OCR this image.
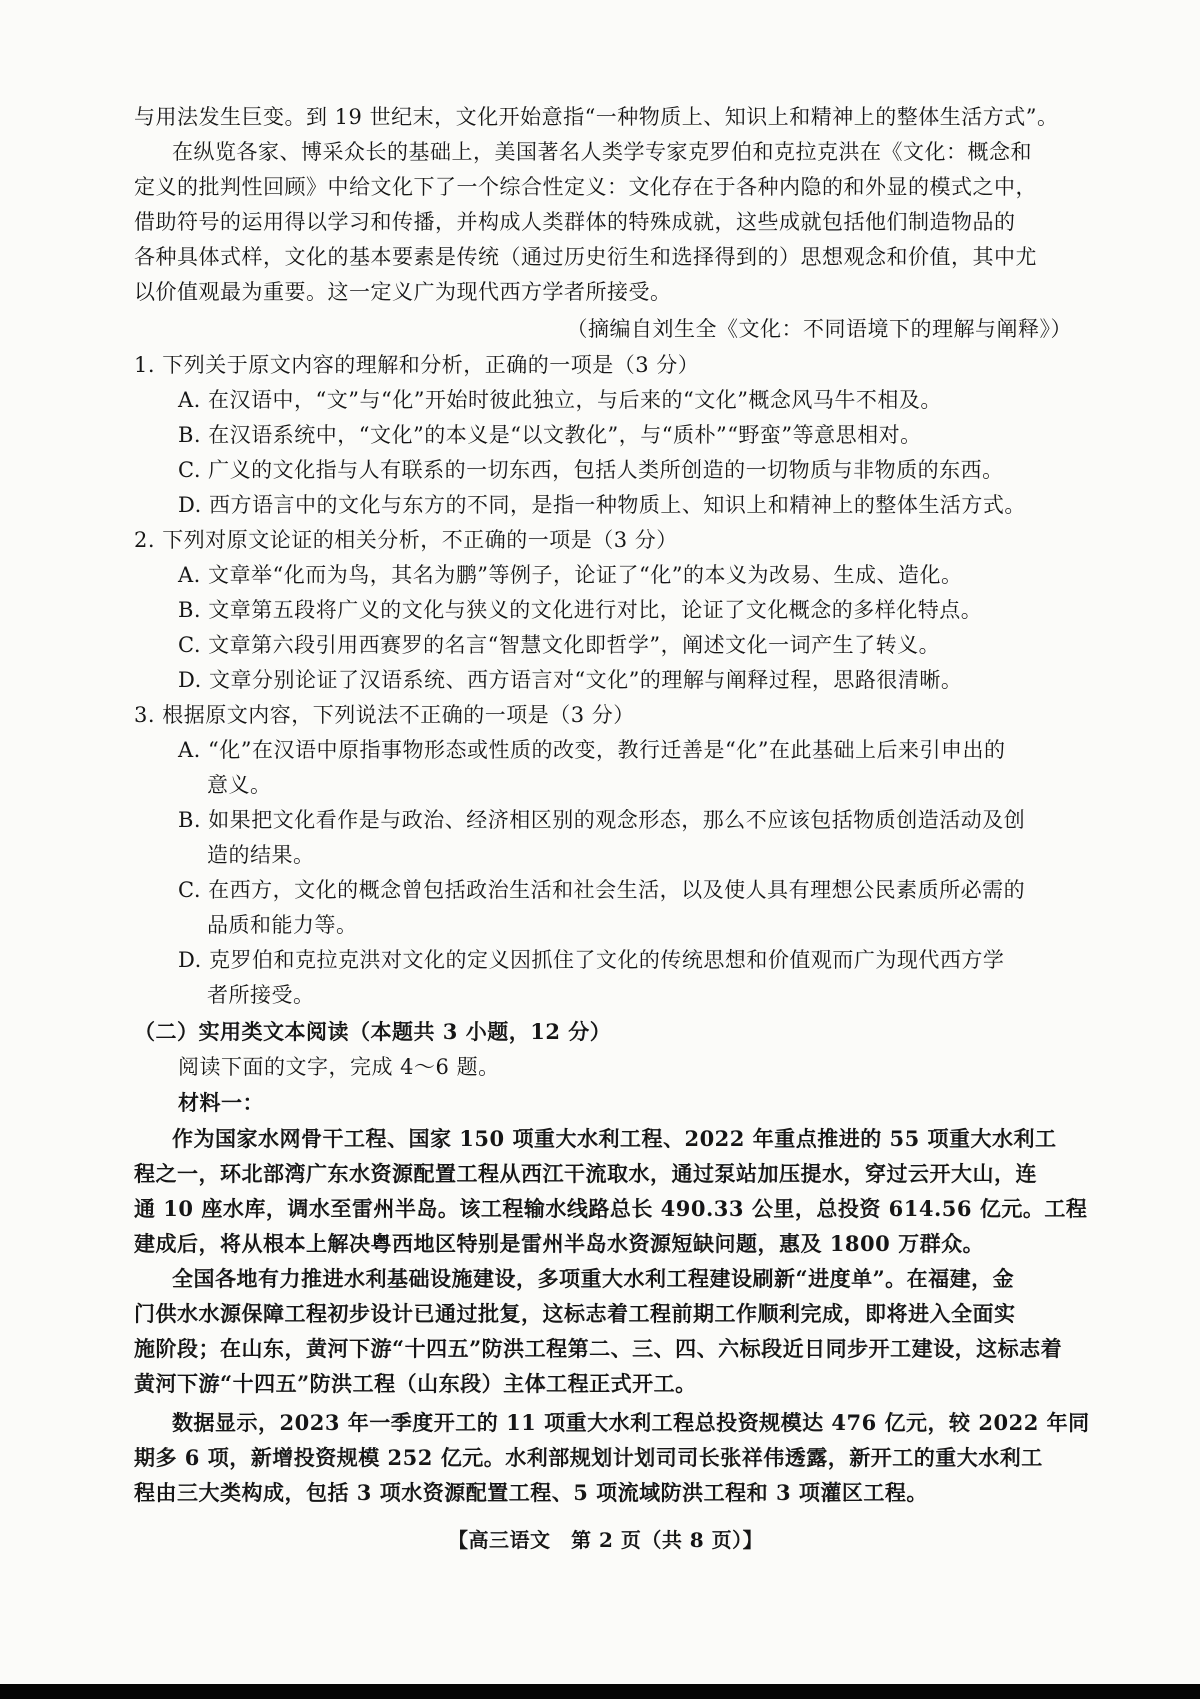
与用法发生巨变。到 19 世纪末，文化开始意指“一种物质上、知识上和精神上的整体生活方式”。
在纵览各家、博采众长的基础上，美国著名人类学专家克罗伯和克拉克洪在《文化：概念和
定义的批判性回顾》中给文化下了一个综合性定义：文化存在于各种内隐的和外显的模式之中，
借助符号的运用得以学习和传播，并构成人类群体的特殊成就，这些成就包括他们制造物品的
各种具体式样，文化的基本要素是传统（通过历史衍生和选择得到的）思想观念和价值，其中尤
以价值观最为重要。这一定义广为现代西方学者所接受。
（摘编自刘生全《文化：不同语境下的理解与阐释》）
1. 下列关于原文内容的理解和分析，正确的一项是（3 分）
A. 在汉语中，“文”与“化”开始时彼此独立，与后来的“文化”概念风马牛不相及。
B. 在汉语系统中，“文化”的本义是“以文教化”，与“质朴”“野蛮”等意思相对。
C. 广义的文化指与人有联系的一切东西，包括人类所创造的一切物质与非物质的东西。
D. 西方语言中的文化与东方的不同，是指一种物质上、知识上和精神上的整体生活方式。
2. 下列对原文论证的相关分析，不正确的一项是（3 分）
A. 文章举“化而为鸟，其名为鹏”等例子，论证了“化”的本义为改易、生成、造化。
B. 文章第五段将广义的文化与狭义的文化进行对比，论证了文化概念的多样化特点。
C. 文章第六段引用西赛罗的名言“智慧文化即哲学”，阐述文化一词产生了转义。
D. 文章分别论证了汉语系统、西方语言对“文化”的理解与阐释过程，思路很清晰。
3. 根据原文内容，下列说法不正确的一项是（3 分）
A. “化”在汉语中原指事物形态或性质的改变，教行迁善是“化”在此基础上后来引申出的
意义。
B. 如果把文化看作是与政治、经济相区别的观念形态，那么不应该包括物质创造活动及创
造的结果。
C. 在西方，文化的概念曾包括政治生活和社会生活，以及使人具有理想公民素质所必需的
品质和能力等。
D. 克罗伯和克拉克洪对文化的定义因抓住了文化的传统思想和价值观而广为现代西方学
者所接受。
（二）实用类文本阅读（本题共 3 小题，12 分）
阅读下面的文字，完成 4～6 题。
材料一：
作为国家水网骨干工程、国家 150 项重大水利工程、2022 年重点推进的 55 项重大水利工
程之一，环北部湾广东水资源配置工程从西江干流取水，通过泵站加压提水，穿过云开大山，连
通 10 座水库，调水至雷州半岛。该工程输水线路总长 490.33 公里，总投资 614.56 亿元。工程
建成后，将从根本上解决粤西地区特别是雷州半岛水资源短缺问题，惠及 1800 万群众。
全国各地有力推进水利基础设施建设，多项重大水利工程建设刷新“进度单”。在福建，金
门供水水源保障工程初步设计已通过批复，这标志着工程前期工作顺利完成，即将进入全面实
施阶段；在山东，黄河下游“十四五”防洪工程第二、三、四、六标段近日同步开工建设，这标志着
黄河下游“十四五”防洪工程（山东段）主体工程正式开工。
数据显示，2023 年一季度开工的 11 项重大水利工程总投资规模达 476 亿元，较 2022 年同
期多 6 项，新增投资规模 252 亿元。水利部规划计划司司长张祥伟透露，新开工的重大水利工
程由三大类构成，包括 3 项水资源配置工程、5 项流域防洪工程和 3 项灌区工程。
【高三语文　第 2 页（共 8 页）】
